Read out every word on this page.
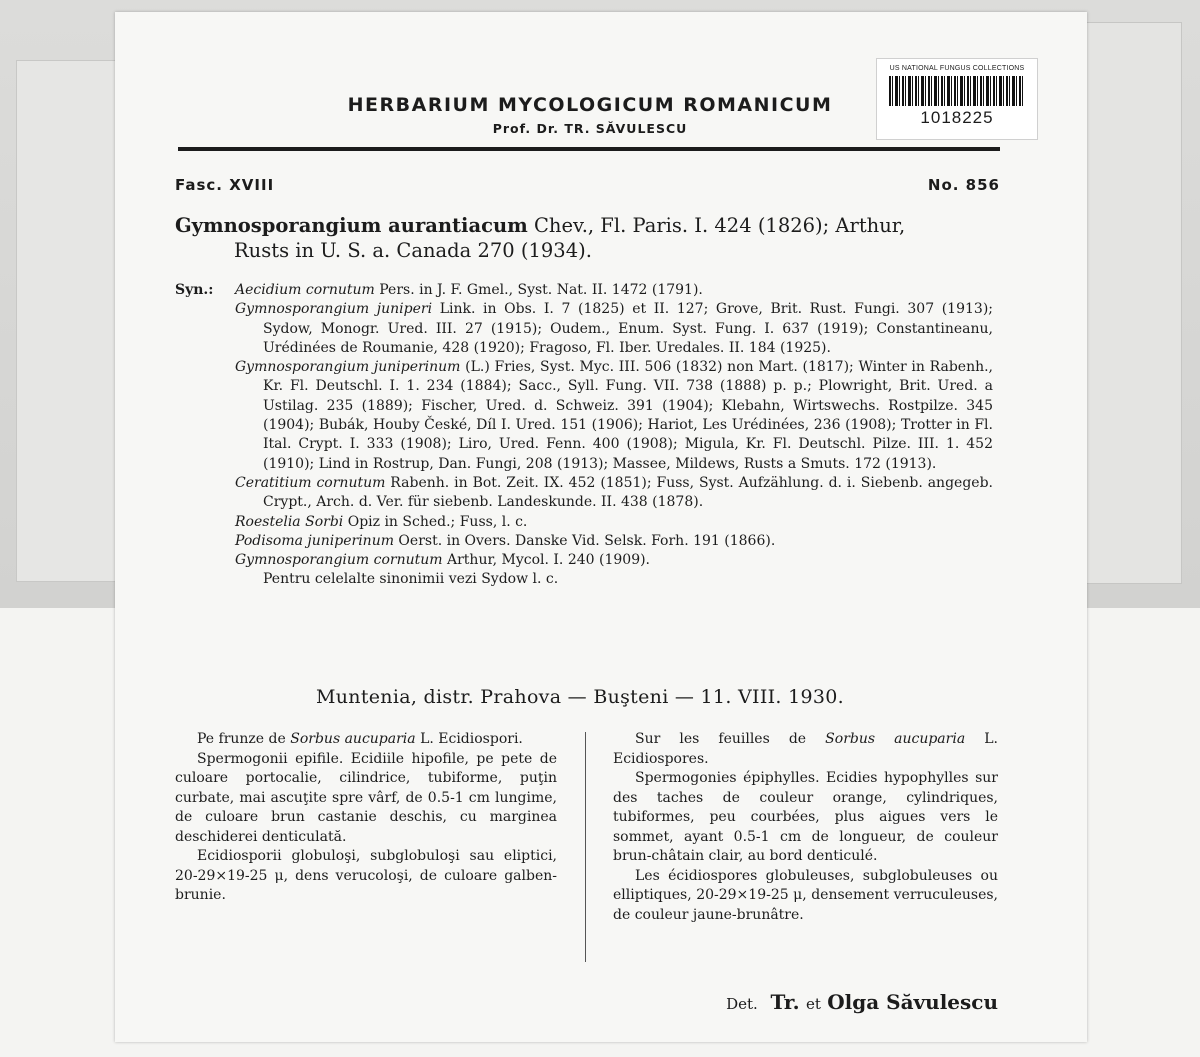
US NATIONAL FUNGUS COLLECTIONS
1018225
HERBARIUM MYCOLOGICUM ROMANICUM
Prof. Dr. TR. SĂVULESCU
Fasc. XVIII	No. 856
Gymnosporangium aurantiacum Chev., Fl. Paris. I. 424 (1826); Arthur,
Rusts in U. S. a. Canada 270 (1934).
Syn.: Aecidium cornutum Pers. in J. F. Gmel., Syst. Nat. II. 1472 (1791).
Gymnosporangium juniperi Link. in Obs. I. 7 (1825) et II. 127; Grove, Brit. Rust. Fungi. 307 (1913); Sydow, Monogr. Ured. III. 27 (1915); Oudem., Enum. Syst. Fung. I. 637 (1919); Constantineanu, Urédinées de Roumanie, 428 (1920); Fragoso, Fl. Iber. Uredales. II. 184 (1925).
Gymnosporangium juniperinum (L.) Fries, Syst. Myc. III. 506 (1832) non Mart. (1817); Winter in Rabenh., Kr. Fl. Deutschl. I. 1. 234 (1884); Sacc., Syll. Fung. VII. 738 (1888) p. p.; Plowright, Brit. Ured. a Ustilag. 235 (1889); Fischer, Ured. d. Schweiz. 391 (1904); Klebahn, Wirtswechs. Rostpilze. 345 (1904); Bubák, Houby České, Díl I. Ured. 151 (1906); Hariot, Les Urédinées, 236 (1908); Trotter in Fl. Ital. Crypt. I. 333 (1908); Liro, Ured. Fenn. 400 (1908); Migula, Kr. Fl. Deutschl. Pilze. III. 1. 452 (1910); Lind in Rostrup, Dan. Fungi, 208 (1913); Massee, Mildews, Rusts a Smuts. 172 (1913).
Ceratitium cornutum Rabenh. in Bot. Zeit. IX. 452 (1851); Fuss, Syst. Aufzählung. d. i. Siebenb. angegeb. Crypt., Arch. d. Ver. für siebenb. Landeskunde. II. 438 (1878).
Roestelia Sorbi Opiz in Sched.; Fuss, l. c.
Podisoma juniperinum Oerst. in Overs. Danske Vid. Selsk. Forh. 191 (1866).
Gymnosporangium cornutum Arthur, Mycol. I. 240 (1909).
Pentru celelalte sinonimii vezi Sydow l. c.
Muntenia, distr. Prahova — Buşteni — 11. VIII. 1930.

Pe frunze de Sorbus aucuparia L. Ecidiospori.

Spermogonii epifile. Ecidiile hipofile, pe pete de culoare portocalie, cilindrice, tubiforme, puţin curbate, mai ascuţite spre vârf, de 0.5-1 cm lungime, de culoare brun castanie deschis, cu marginea deschiderei denticulată.

Ecidiosporii globuloşi, subglobuloşi sau eliptici, 20-29×19-25 μ, dens verucoloşi, de culoare galben-brunie.

Sur les feuilles de Sorbus aucuparia L. Ecidiospores.

Spermogonies épiphylles. Ecidies hypophylles sur des taches de couleur orange, cylindriques, tubiformes, peu courbées, plus aigues vers le sommet, ayant 0.5-1 cm de longueur, de couleur brun-châtain clair, au bord denticulé.

Les écidiospores globuleuses, subglobuleuses ou elliptiques, 20-29×19-25 μ, densement verruculeuses, de couleur jaune-brunâtre.

Det. Tr. et Olga Săvulescu
